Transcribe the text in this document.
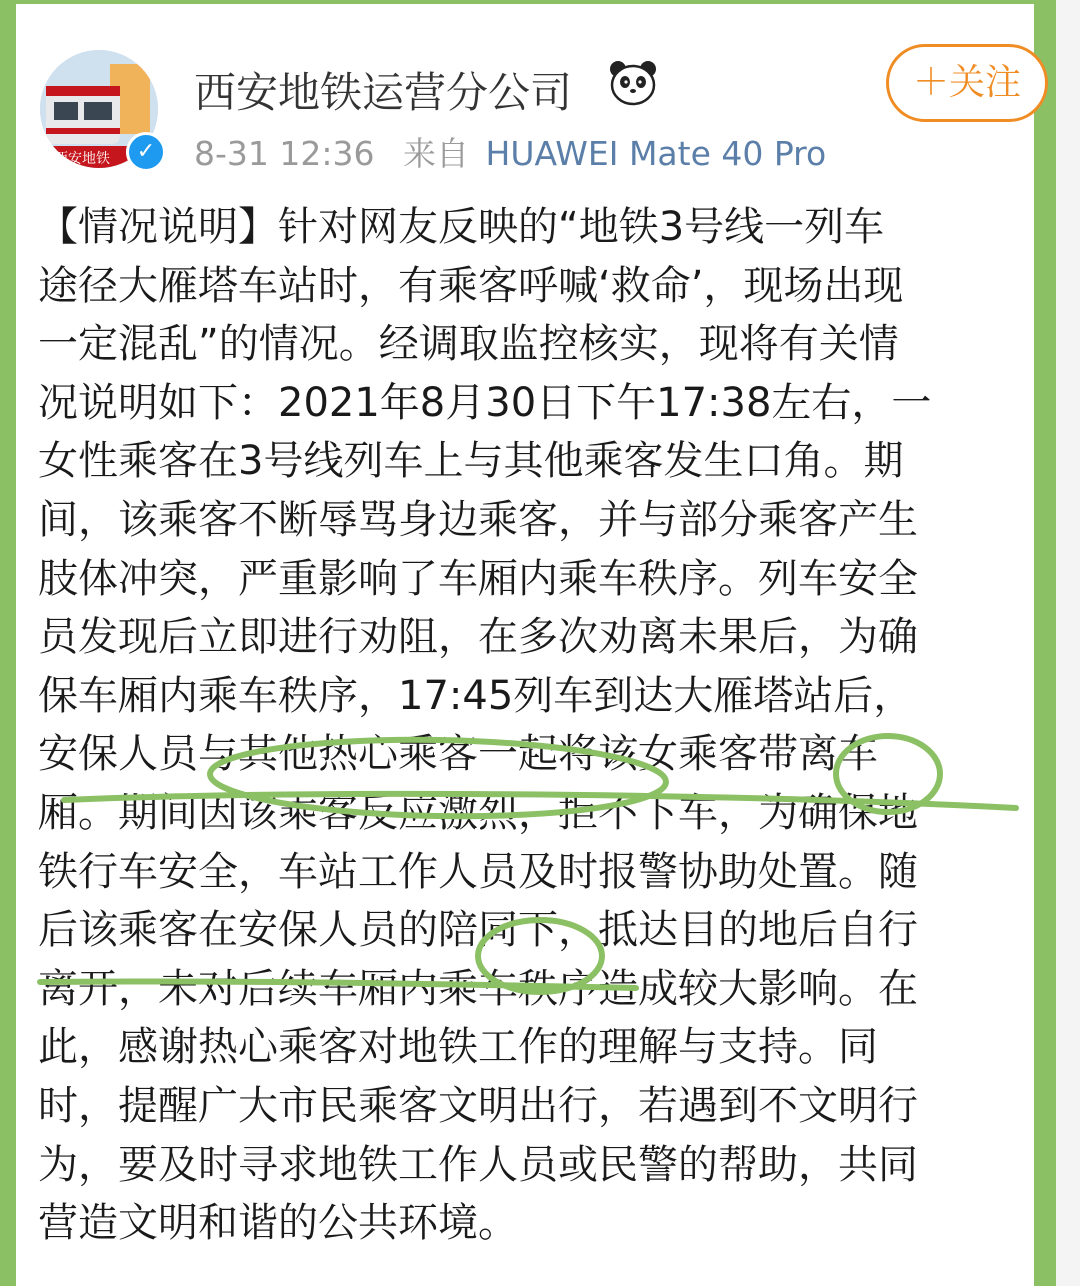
西安地铁	✓
西安地铁运营分公司
8-31 12:36 来自 HUAWEI Mate 40 Pro
＋关注
【情况说明】针对网友反映的“地铁3号线一列车
途径大雁塔车站时，有乘客呼喊‘救命’，现场出现
一定混乱”的情况。经调取监控核实，现将有关情
况说明如下：2021年8月30日下午17:38左右，一
女性乘客在3号线列车上与其他乘客发生口角。期
间，该乘客不断辱骂身边乘客，并与部分乘客产生
肢体冲突，严重影响了车厢内乘车秩序。列车安全
员发现后立即进行劝阻，在多次劝离未果后，为确
保车厢内乘车秩序，17:45列车到达大雁塔站后，
安保人员与其他热心乘客一起将该女乘客带离车
厢。期间因该乘客反应激烈，拒不下车，为确保地
铁行车安全，车站工作人员及时报警协助处置。随
后该乘客在安保人员的陪同下，抵达目的地后自行
离开，未对后续车厢内乘车秩序造成较大影响。在
此，感谢热心乘客对地铁工作的理解与支持。同
时，提醒广大市民乘客文明出行，若遇到不文明行
为，要及时寻求地铁工作人员或民警的帮助，共同
营造文明和谐的公共环境。
